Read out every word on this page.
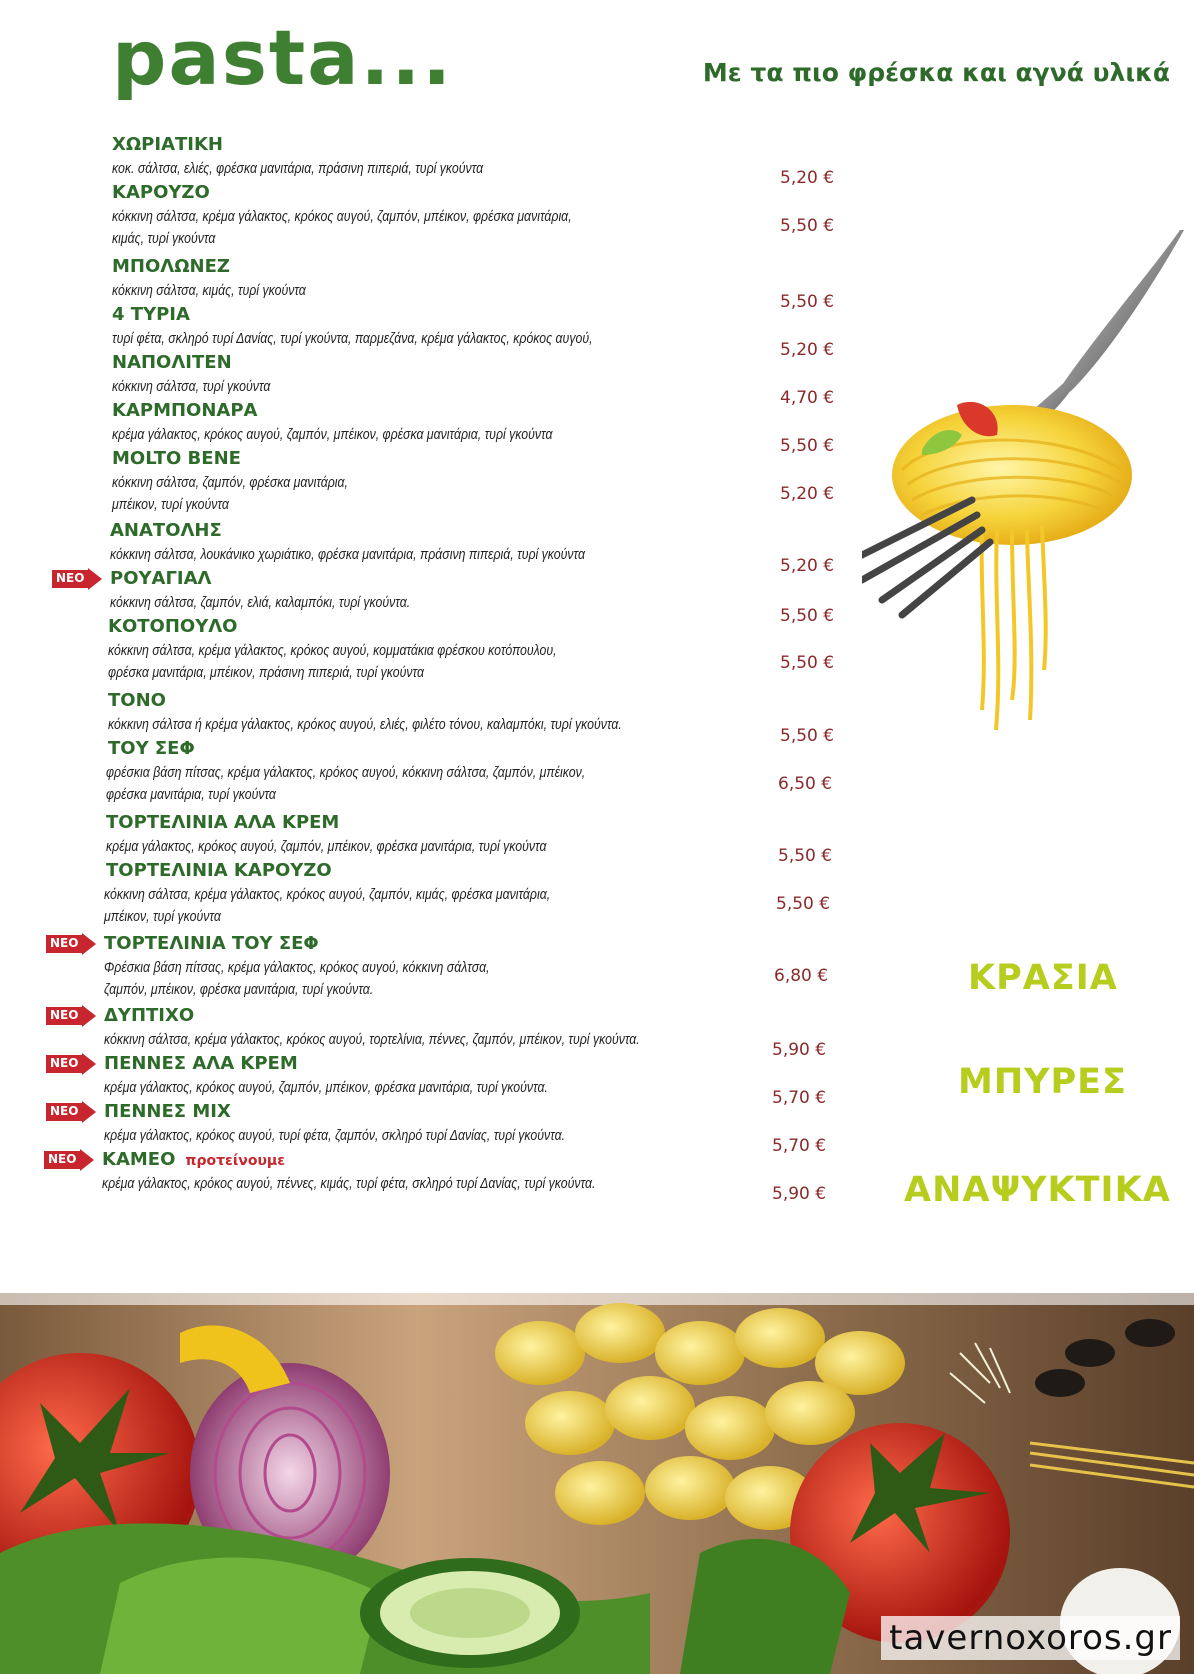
pasta...	Με τα πιο φρέσκα και αγνά υλικά
ΧΩΡΙΑΤΙΚΗ
κοκ. σάλτσα, ελιές, φρέσκα μανιτάρια, πράσινη πιπεριά, τυρί γκούντα	5,20 €
ΚΑΡΟΥΖΟ
κόκκινη σάλτσα, κρέμα γάλακτος, κρόκος αυγού, ζαμπόν, μπέικον, φρέσκα μανιτάρια,
κιμάς, τυρί γκούντα
5,50 €
ΜΠΟΛΩΝΕΖ
κόκκινη σάλτσα, κιμάς, τυρί γκούντα
5,50 €
4 ΤΥΡΙΑ
τυρί φέτα, σκληρό τυρί Δανίας, τυρί γκούντα, παρμεζάνα, κρέμα γάλακτος, κρόκος αυγού,
5,20 €
ΝΑΠΟΛΙΤΕΝ
κόκκινη σάλτσα, τυρί γκούντα
4,70 €
ΚΑΡΜΠΟΝΑΡΑ
κρέμα γάλακτος, κρόκος αυγού, ζαμπόν, μπέικον, φρέσκα μανιτάρια, τυρί γκούντα
5,50 €
MOLTO BENE
κόκκινη σάλτσα, ζαμπόν, φρέσκα μανιτάρια,
μπέικον, τυρί γκούντα
5,20 €
ΑΝΑΤΟΛΗΣ
κόκκινη σάλτσα, λουκάνικο χωριάτικο, φρέσκα μανιτάρια, πράσινη πιπεριά, τυρί γκούντα
5,20 €
ΝΕΟ ΡΟΥΑΓΙΑΛ
κόκκινη σάλτσα, ζαμπόν, ελιά, καλαμπόκι, τυρί γκούντα.
5,50 €
ΚΟΤΟΠΟΥΛΟ
κόκκινη σάλτσα, κρέμα γάλακτος, κρόκος αυγού, κομματάκια φρέσκου κοτόπουλου,
φρέσκα μανιτάρια, μπέικον, πράσινη πιπεριά, τυρί γκούντα	5,50 €
ΤΟΝΟ
κόκκινη σάλτσα ή κρέμα γάλακτος, κρόκος αυγού, ελιές, φιλέτο τόνου, καλαμπόκι, τυρί γκούντα.
5,50 €
ΤΟΥ ΣΕΦ
φρέσκια βάση πίτσας, κρέμα γάλακτος, κρόκος αυγού, κόκκινη σάλτσα, ζαμπόν, μπέικον,
φρέσκα μανιτάρια, τυρί γκούντα
6,50 €
ΤΟΡΤΕΛΙΝΙΑ ΑΛΑ ΚΡΕΜ
κρέμα γάλακτος, κρόκος αυγού, ζαμπόν, μπέικον, φρέσκα μανιτάρια, τυρί γκούντα	5,50 €
ΤΟΡΤΕΛΙΝΙΑ ΚΑΡΟΥΖΟ
κόκκινη σάλτσα, κρέμα γάλακτος, κρόκος αυγού, ζαμπόν, κιμάς, φρέσκα μανιτάρια,
μπέικον, τυρί γκούντα
5,50 €
ΝΕΟ ΤΟΡΤΕΛΙΝΙΑ ΤΟΥ ΣΕΦ
Φρέσκια βάση πίτσας, κρέμα γάλακτος, κρόκος αυγού, κόκκινη σάλτσα,
ζαμπόν, μπέικον, φρέσκα μανιτάρια, τυρί γκούντα.
6,80 €
ΝΕΟ ΔΥΠΤΙΧΟ
κόκκινη σάλτσα, κρέμα γάλακτος, κρόκος αυγού, τορτελίνια, πέννες, ζαμπόν, μπέικον, τυρί γκούντα.
5,90 €
ΝΕΟ ΠΕΝΝΕΣ ΑΛΑ ΚΡΕΜ
κρέμα γάλακτος, κρόκος αυγού, ζαμπόν, μπέικον, φρέσκα μανιτάρια, τυρί γκούντα.
5,70 €
ΝΕΟ ΠΕΝΝΕΣ ΜΙΧ
κρέμα γάλακτος, κρόκος αυγού, τυρί φέτα, ζαμπόν, σκληρό τυρί Δανίας, τυρί γκούντα.
5,70 €
ΝΕΟ ΚΑΜΕΟ προτείνουμε
κρέμα γάλακτος, κρόκος αυγού, πέννες, κιμάς, τυρί φέτα, σκληρό τυρί Δανίας, τυρί γκούντα.
5,90 €
ΚΡΑΣΙΑ
ΜΠΥΡΕΣ
ΑΝΑΨΥΚΤΙΚΑ
tavernoxoros.gr
